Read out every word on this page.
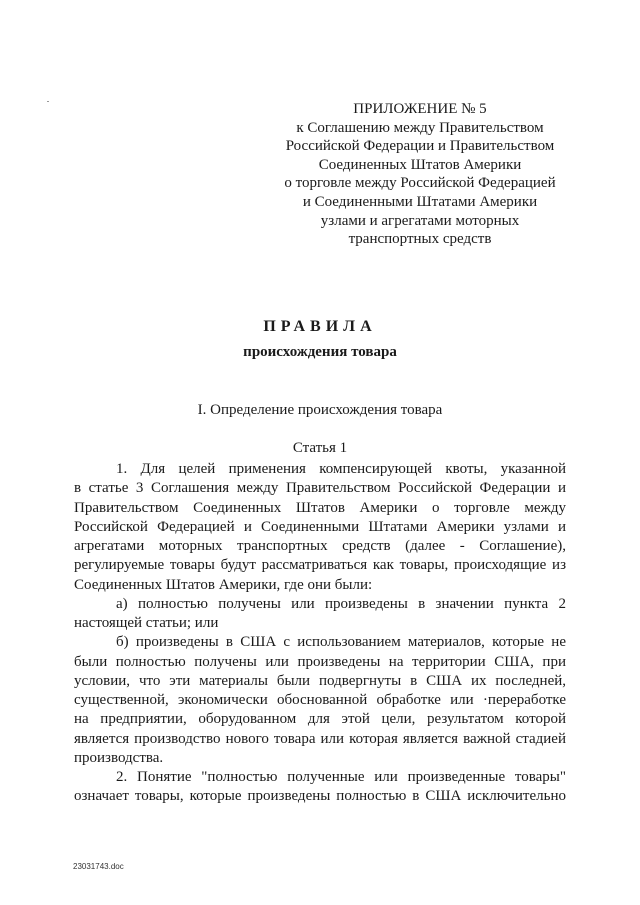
ПРИЛОЖЕНИЕ № 5
к Соглашению между Правительством
Российской Федерации и Правительством
Соединенных Штатов Америки
о торговле между Российской Федерацией
и Соединенными Штатами Америки
узлами и агрегатами моторных
транспортных средств
ПРАВИЛА
происхождения товара
I. Определение происхождения товара
Статья 1
1. Для целей применения компенсирующей квоты, указанной
в статье 3 Соглашения между Правительством Российской Федерации и
Правительством Соединенных Штатов Америки о торговле между
Российской Федерацией и Соединенными Штатами Америки узлами и
агрегатами моторных транспортных средств (далее - Соглашение),
регулируемые товары будут рассматриваться как товары, происходящие из
Соединенных Штатов Америки, где они были:
а) полностью получены или произведены в значении пункта 2
настоящей статьи; или
б) произведены в США с использованием материалов, которые не
были полностью получены или произведены на территории США, при
условии, что эти материалы были подвергнуты в США их последней,
существенной, экономически обоснованной обработке или ·переработке
на предприятии, оборудованном для этой цели, результатом которой
является производство нового товара или которая является важной стадией
производства.
2. Понятие "полностью полученные или произведенные товары"
означает товары, которые произведены полностью в США исключительно
23031743.doc
